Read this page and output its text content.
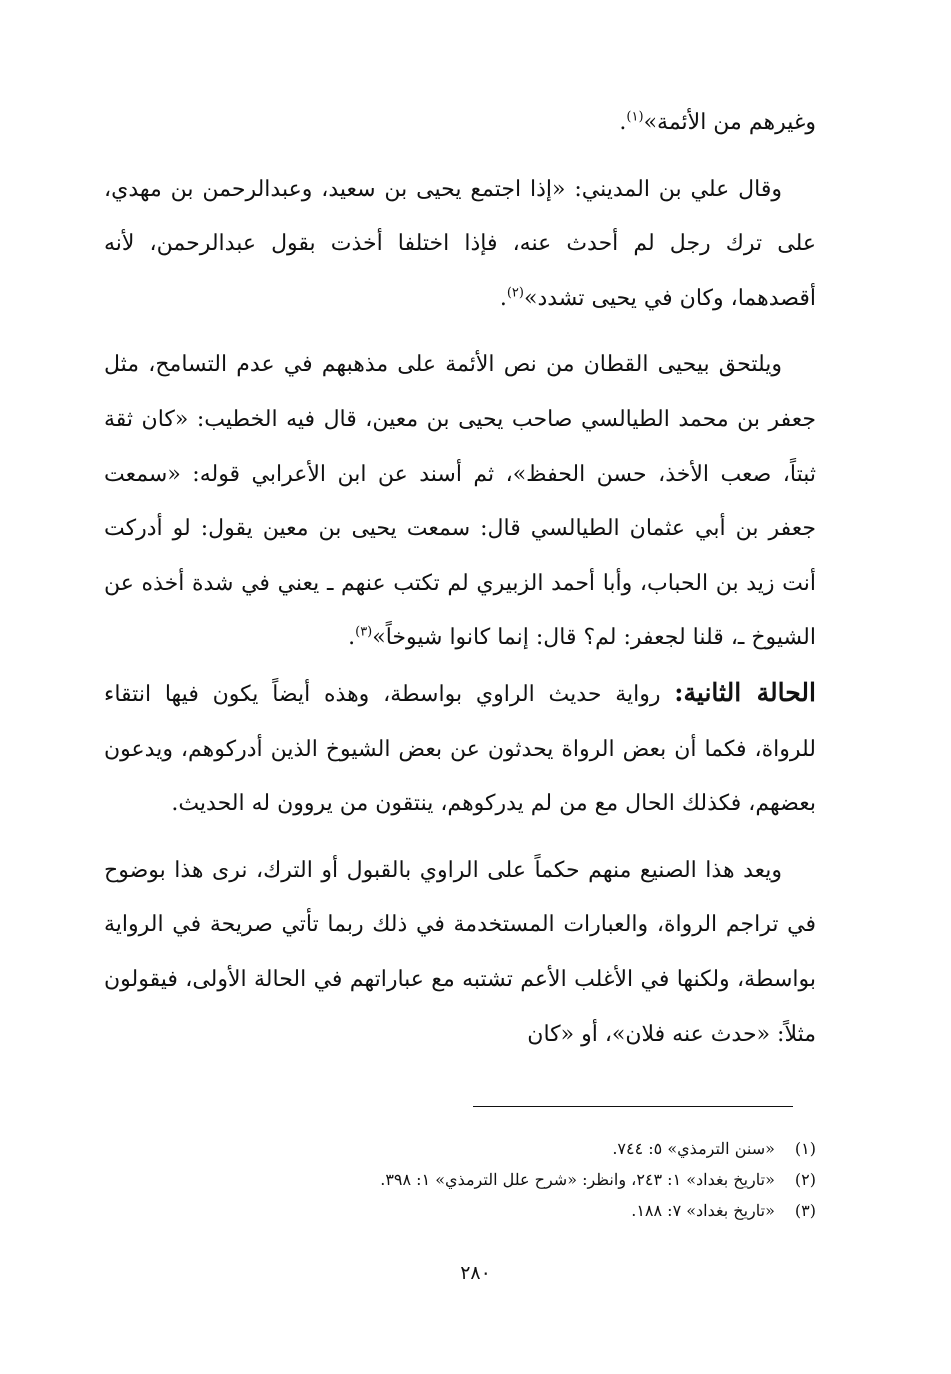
وغيرهم من الأئمة»$^{(١)}$.

وقال علي بن المديني: «إذا اجتمع يحيى بن سعيد، وعبدالرحمن بن مهدي، على ترك رجل لم أحدث عنه، فإذا اختلفا أخذت بقول عبدالرحمن، لأنه أقصدهما، وكان في يحيى تشدد»$^{(٢)}$.

ويلتحق بيحيى القطان من نص الأئمة على مذهبهم في عدم التسامح، مثل جعفر بن محمد الطيالسي صاحب يحيى بن معين، قال فيه الخطيب: «كان ثقة ثبتاً، صعب الأخذ، حسن الحفظ»، ثم أسند عن ابن الأعرابي قوله: «سمعت جعفر بن أبي عثمان الطيالسي قال: سمعت يحيى بن معين يقول: لو أدركت أنت زيد بن الحباب، وأبا أحمد الزبيري لم تكتب عنهم ـ يعني في شدة أخذه عن الشيوخ ـ، قلنا لجعفر: لم؟ قال: إنما كانوا شيوخاً»$^{(٣)}$.

الحالة الثانية: رواية حديث الراوي بواسطة، وهذه أيضاً يكون فيها انتقاء للرواة، فكما أن بعض الرواة يحدثون عن بعض الشيوخ الذين أدركوهم، ويدعون بعضهم، فكذلك الحال مع من لم يدركوهم، ينتقون من يروون له الحديث.

ويعد هذا الصنيع منهم حكماً على الراوي بالقبول أو الترك، نرى هذا بوضوح في تراجم الرواة، والعبارات المستخدمة في ذلك ربما تأتي صريحة في الرواية بواسطة، ولكنها في الأغلب الأعم تشتبه مع عباراتهم في الحالة الأولى، فيقولون مثلاً: «حدث عنه فلان»، أو «كان

(١) «سنن الترمذي» ٥: ٧٤٤.

(٢) «تاريخ بغداد» ١: ٢٤٣، وانظر: «شرح علل الترمذي» ١: ٣٩٨.

(٣) «تاريخ بغداد» ٧: ١٨٨.

٢٨٠
